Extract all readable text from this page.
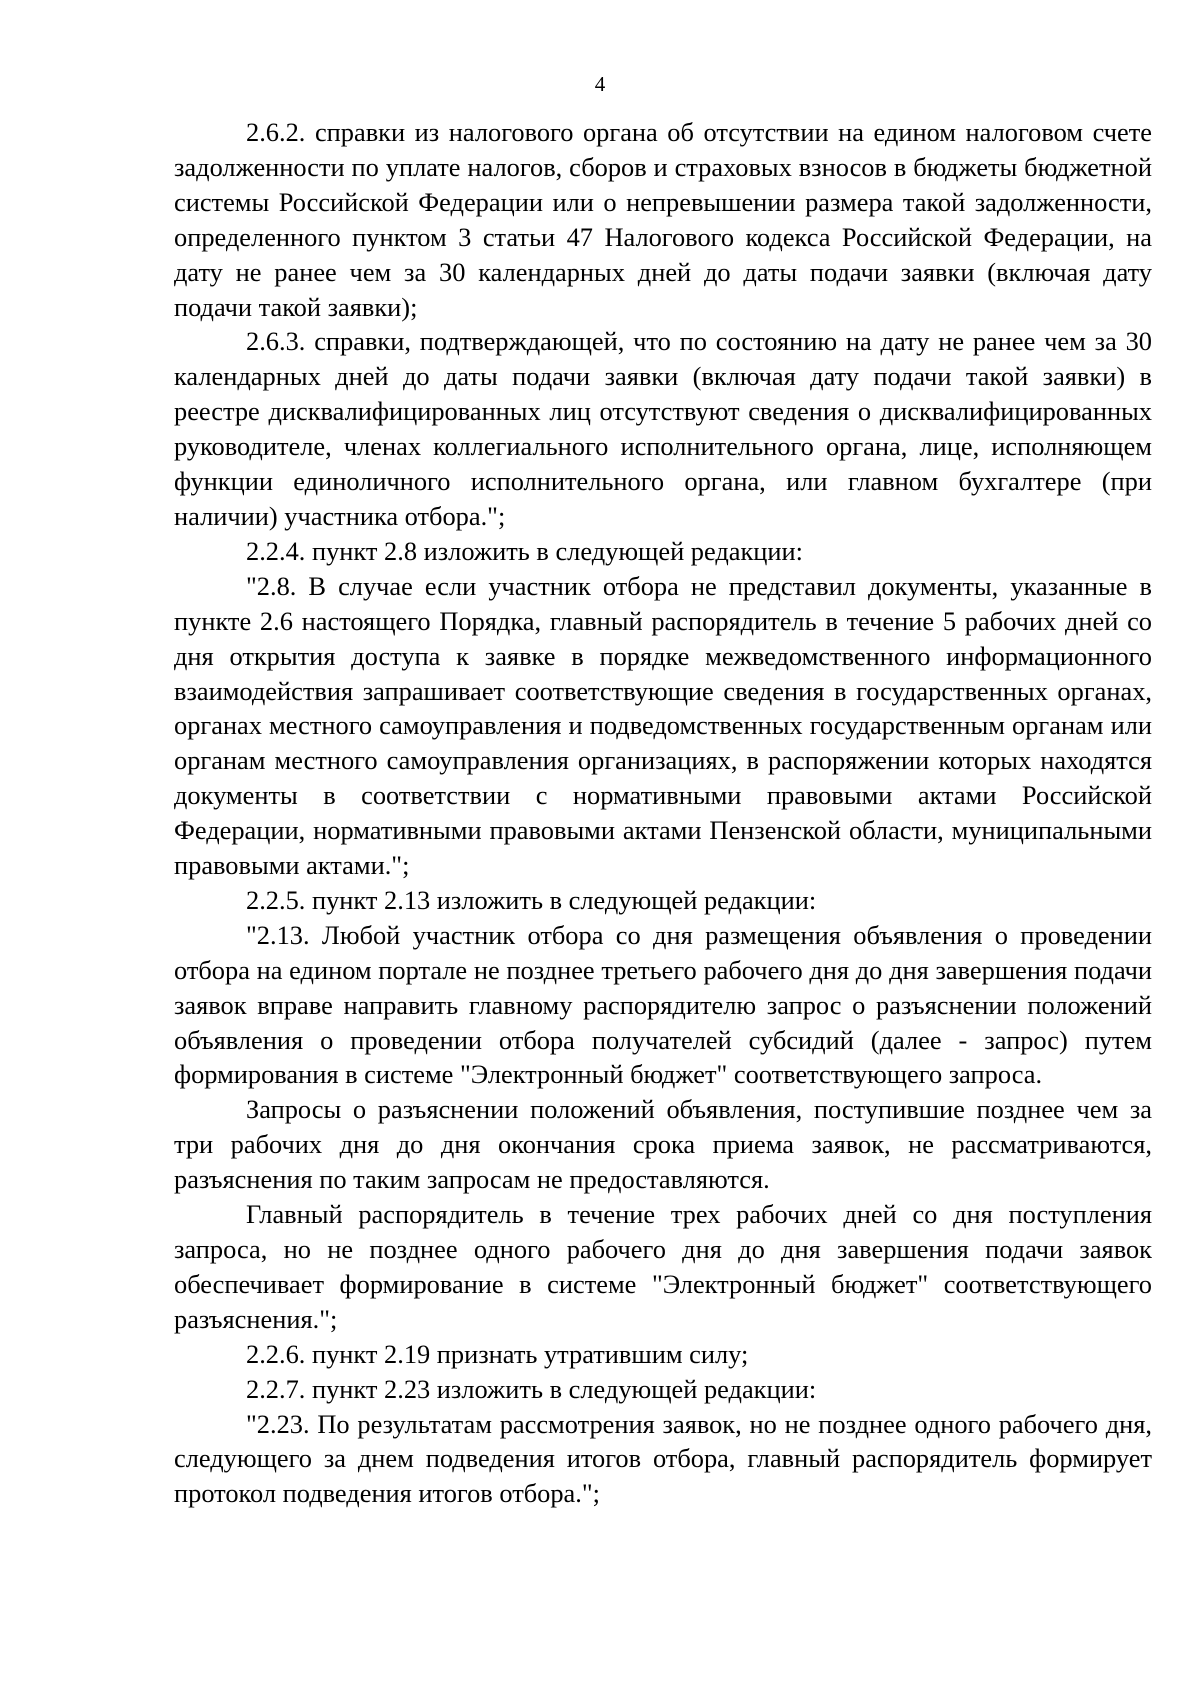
4

2.6.2. справки из налогового органа об отсутствии на едином налоговом счете задолженности по уплате налогов, сборов и страховых взносов в бюджеты бюджетной системы Российской Федерации или о непревышении размера такой задолженности, определенного пунктом 3 статьи 47 Налогового кодекса Российской Федерации, на дату не ранее чем за 30 календарных дней до даты подачи заявки (включая дату подачи такой заявки);

2.6.3. справки, подтверждающей, что по состоянию на дату не ранее чем за 30 календарных дней до даты подачи заявки (включая дату подачи такой заявки) в реестре дисквалифицированных лиц отсутствуют сведения о дисквалифицированных руководителе, членах коллегиального исполнительного органа, лице, исполняющем функции единоличного исполнительного органа, или главном бухгалтере (при наличии) участника отбора.";

2.2.4. пункт 2.8 изложить в следующей редакции:

"2.8. В случае если участник отбора не представил документы, указанные в пункте 2.6 настоящего Порядка, главный распорядитель в течение 5 рабочих дней со дня открытия доступа к заявке в порядке межведомственного информационного взаимодействия запрашивает соответствующие сведения в государственных органах, органах местного самоуправления и подведомственных государственным органам или органам местного самоуправления организациях, в распоряжении которых находятся документы в соответствии с нормативными правовыми актами Российской Федерации, нормативными правовыми актами Пензенской области, муниципальными правовыми актами.";

2.2.5. пункт 2.13 изложить в следующей редакции:

"2.13. Любой участник отбора со дня размещения объявления о проведении отбора на едином портале не позднее третьего рабочего дня до дня завершения подачи заявок вправе направить главному распорядителю запрос о разъяснении положений объявления о проведении отбора получателей субсидий (далее - запрос) путем формирования в системе "Электронный бюджет" соответствующего запроса.

Запросы о разъяснении положений объявления, поступившие позднее чем за три рабочих дня до дня окончания срока приема заявок, не рассматриваются, разъяснения по таким запросам не предоставляются.

Главный распорядитель в течение трех рабочих дней со дня поступления запроса, но не позднее одного рабочего дня до дня завершения подачи заявок обеспечивает формирование в системе "Электронный бюджет" соответствующего разъяснения.";

2.2.6. пункт 2.19 признать утратившим силу;

2.2.7. пункт 2.23 изложить в следующей редакции:

"2.23. По результатам рассмотрения заявок, но не позднее одного рабочего дня, следующего за днем подведения итогов отбора, главный распорядитель формирует протокол подведения итогов отбора.";
